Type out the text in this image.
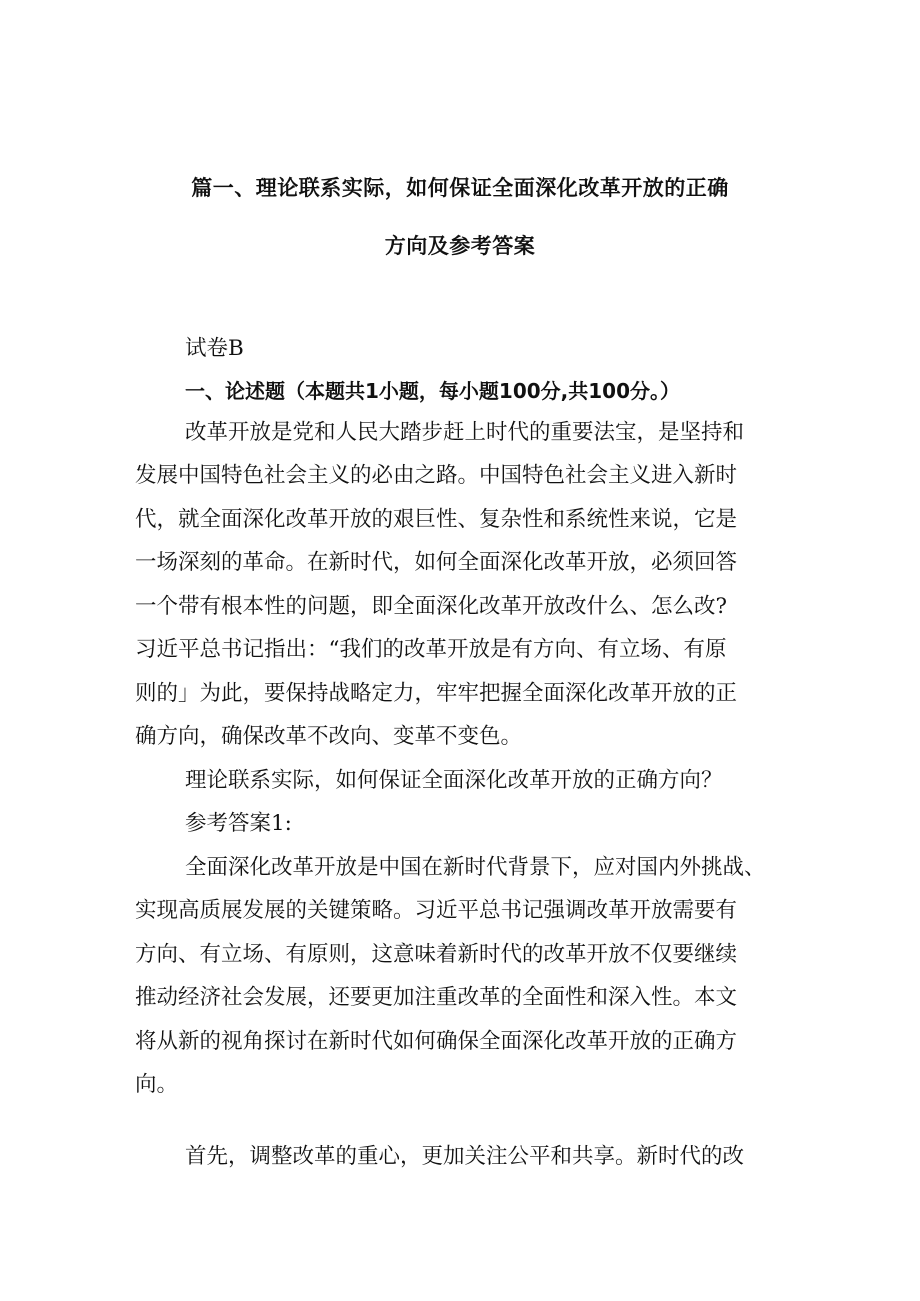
篇一、理论联系实际，如何保证全面深化改革开放的正确
方向及参考答案
试卷B
一、论述题（本题共1小题，每小题100分,共100分。）
改革开放是党和人民大踏步赶上时代的重要法宝，是坚持和
发展中国特色社会主义的必由之路。中国特色社会主义进入新时
代，就全面深化改革开放的艰巨性、复杂性和系统性来说，它是
一场深刻的革命。在新时代，如何全面深化改革开放，必须回答
一个带有根本性的问题，即全面深化改革开放改什么、怎么改?
习近平总书记指出：“我们的改革开放是有方向、有立场、有原
则的」为此，要保持战略定力，牢牢把握全面深化改革开放的正
确方向，确保改革不改向、变革不变色。
理论联系实际，如何保证全面深化改革开放的正确方向？
参考答案1:
全面深化改革开放是中国在新时代背景下，应对国内外挑战、
实现高质展发展的关键策略。习近平总书记强调改革开放需要有
方向、有立场、有原则，这意味着新时代的改革开放不仅要继续
推动经济社会发展，还要更加注重改革的全面性和深入性。本文
将从新的视角探讨在新时代如何确保全面深化改革开放的正确方
向。
首先，调整改革的重心，更加关注公平和共享。新时代的改
